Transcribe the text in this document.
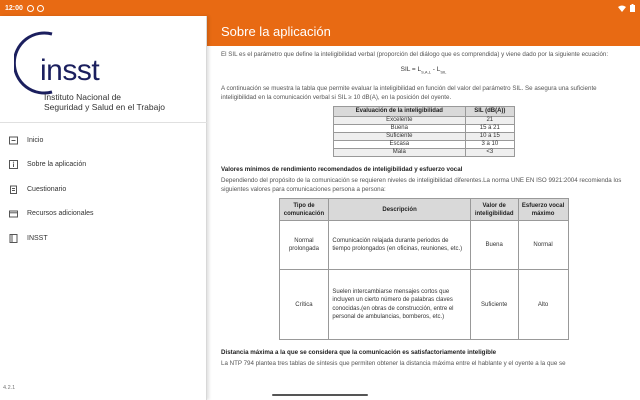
12:00
insst
Instituto Nacional de
Seguridad y Salud en el Trabajo
Inicio
Sobre la aplicación
Cuestionario
Recursos adicionales
INSST
4.2.1
Sobre la aplicación

El SIL es el parámetro que define la inteligibilidad verbal (proporción del diálogo que es comprendida) y viene dado por la siguiente ecuación:

SIL = $L_{S,A,L} - L_{SIL}$

A continuación se muestra la tabla que permite evaluar la inteligibilidad en función del valor del parámetro SIL. Se asegura una suficiente inteligibilidad en la comunicación verbal si SIL ≥ 10 dB(A), en la posición del oyente.

Evaluación de la inteligibilidad	SIL (dB(A))
Excelente	21
Buena	15 a 21
Suficiente	10 a 15
Escasa	3 a 10
Mala	<3
Valores mínimos de rendimiento recomendados de inteligibilidad y esfuerzo vocal

Dependiendo del propósito de la comunicación se requieren niveles de inteligibilidad diferentes.La norma UNE EN ISO 9921:2004 recomienda los siguientes valores para comunicaciones persona a persona:

Tipo de comunicación	Descripción	Valor de inteligibilidad	Esfuerzo vocal máximo
Normal prolongada	Comunicación relajada durante periodos de tiempo prolongados (en oficinas, reuniones, etc.)	Buena	Normal
Crítica	Suelen intercambiarse mensajes cortos que incluyen un cierto número de palabras claves conocidas.(en obras de construcción, entre el personal de ambulancias, bomberos, etc.)	Suficiente	Alto
Distancia máxima a la que se considera que la comunicación es satisfactoriamente inteligible

La NTP 794 plantea tres tablas de síntesis que permiten obtener la distancia máxima entre el hablante y el oyente a la que se
